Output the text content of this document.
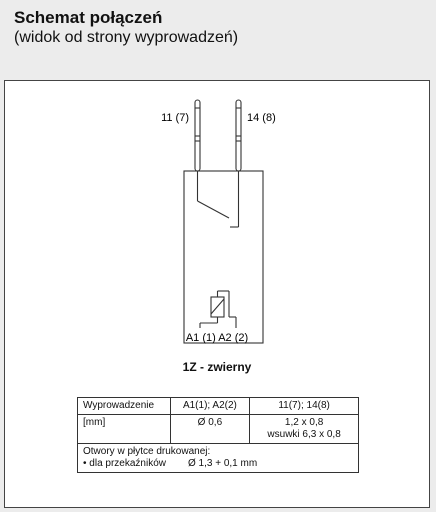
Schemat połączeń
(widok od strony wyprowadzeń)
11 (7)	14 (8)
A1 (1) A2 (2)
1Z - zwierny
Wyprowadzenie	A1(1); A2(2)	11(7); 14(8)
[mm]	Ø 0,6	1,2 x 0,8
wsuwki 6,3 x 0,8

Otwory w płytce drukowanej:
• dla przekaźników Ø 1,3 + 0,1 mm		
